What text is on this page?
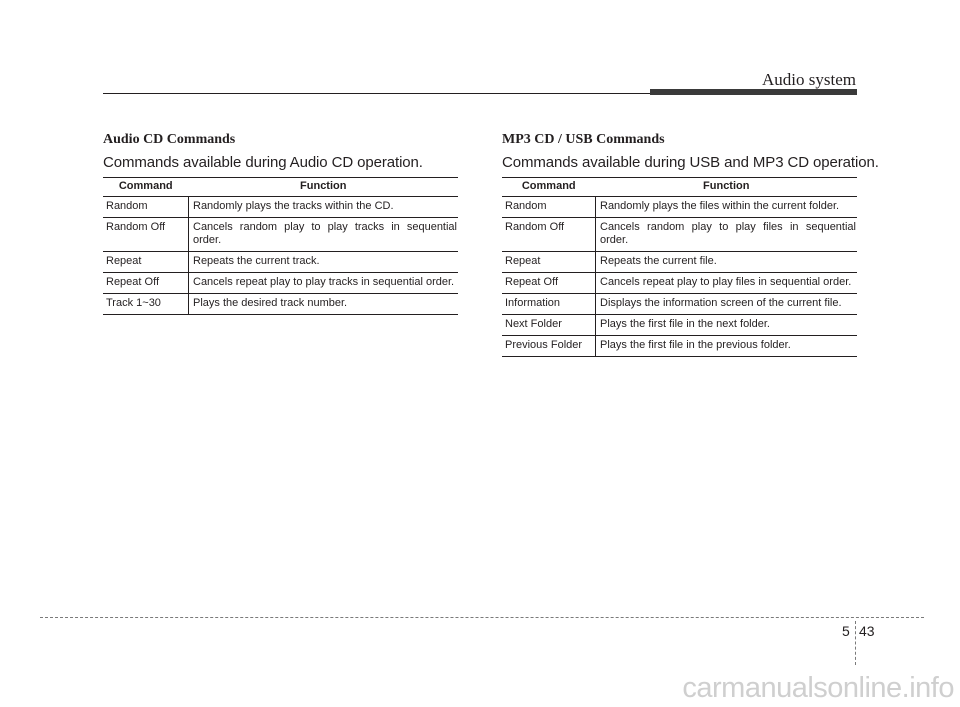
Audio system
Audio CD Commands

Commands available during Audio CD operation.

Command	Function
Random	Randomly plays the tracks within the CD.
Random Off	Cancels random play to play tracks in sequential order.
Repeat	Repeats the current track.
Repeat Off	Cancels repeat play to play tracks in sequential order.
Track 1~30	Plays the desired track number.
MP3 CD / USB Commands

Commands available during USB and MP3 CD operation.

Command	Function
Random	Randomly plays the files within the current folder.
Random Off	Cancels random play to play files in sequential order.
Repeat	Repeats the current file.
Repeat Off	Cancels repeat play to play files in sequential order.
Information	Displays the information screen of the current file.
Next Folder	Plays the first file in the next folder.
Previous Folder	Plays the first file in the previous folder.
5 43
carmanualsonline.info
